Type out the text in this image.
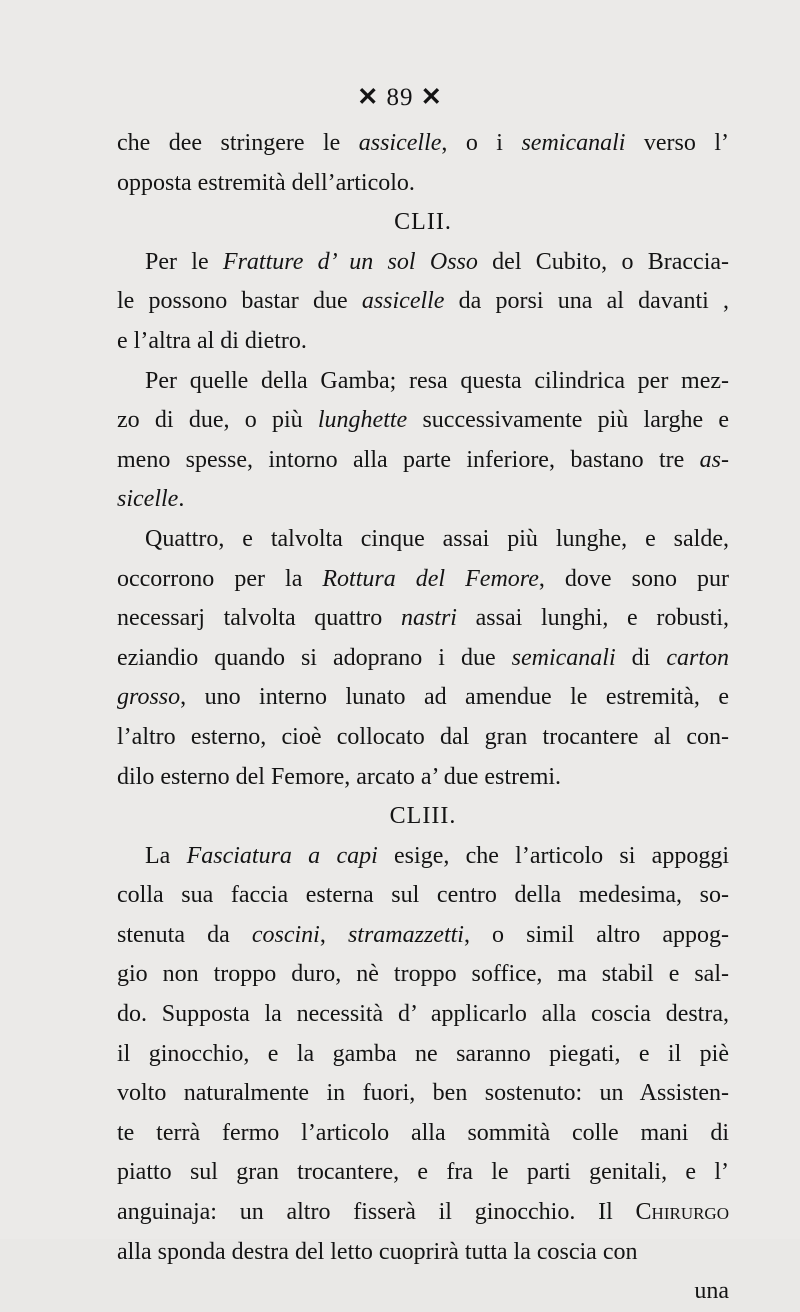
✕ 89 ✕
che dee stringere le assicelle, o i semicanali verso l’
opposta estremità dell’articolo.
CLII.
Per le Fratture d’ un sol Osso del Cubito, o Braccia-
le possono bastar due assicelle da porsi una al davanti ,
e l’altra al di dietro.
Per quelle della Gamba; resa questa cilindrica per mez-
zo di due, o più lunghette successivamente più larghe e
meno spesse, intorno alla parte inferiore, bastano tre as-
sicelle.
Quattro, e talvolta cinque assai più lunghe, e salde,
occorrono per la Rottura del Femore, dove sono pur
necessarj talvolta quattro nastri assai lunghi, e robusti,
eziandio quando si adoprano i due semicanali di carton
grosso, uno interno lunato ad amendue le estremità, e
l’altro esterno, cioè collocato dal gran trocantere al con-
dilo esterno del Femore, arcato a’ due estremi.
CLIII.
La Fasciatura a capi esige, che l’articolo si appoggi
colla sua faccia esterna sul centro della medesima, so-
stenuta da coscini, stramazzetti, o simil altro appog-
gio non troppo duro, nè troppo soffice, ma stabil e sal-
do. Supposta la necessità d’ applicarlo alla coscia destra,
il ginocchio, e la gamba ne saranno piegati, e il piè
volto naturalmente in fuori, ben sostenuto: un Assisten-
te terrà fermo l’articolo alla sommità colle mani di
piatto sul gran trocantere, e fra le parti genitali, e l’
anguinaja: un altro fisserà il ginocchio. Il Chirurgo
alla sponda destra del letto cuoprirà tutta la coscia con
una
